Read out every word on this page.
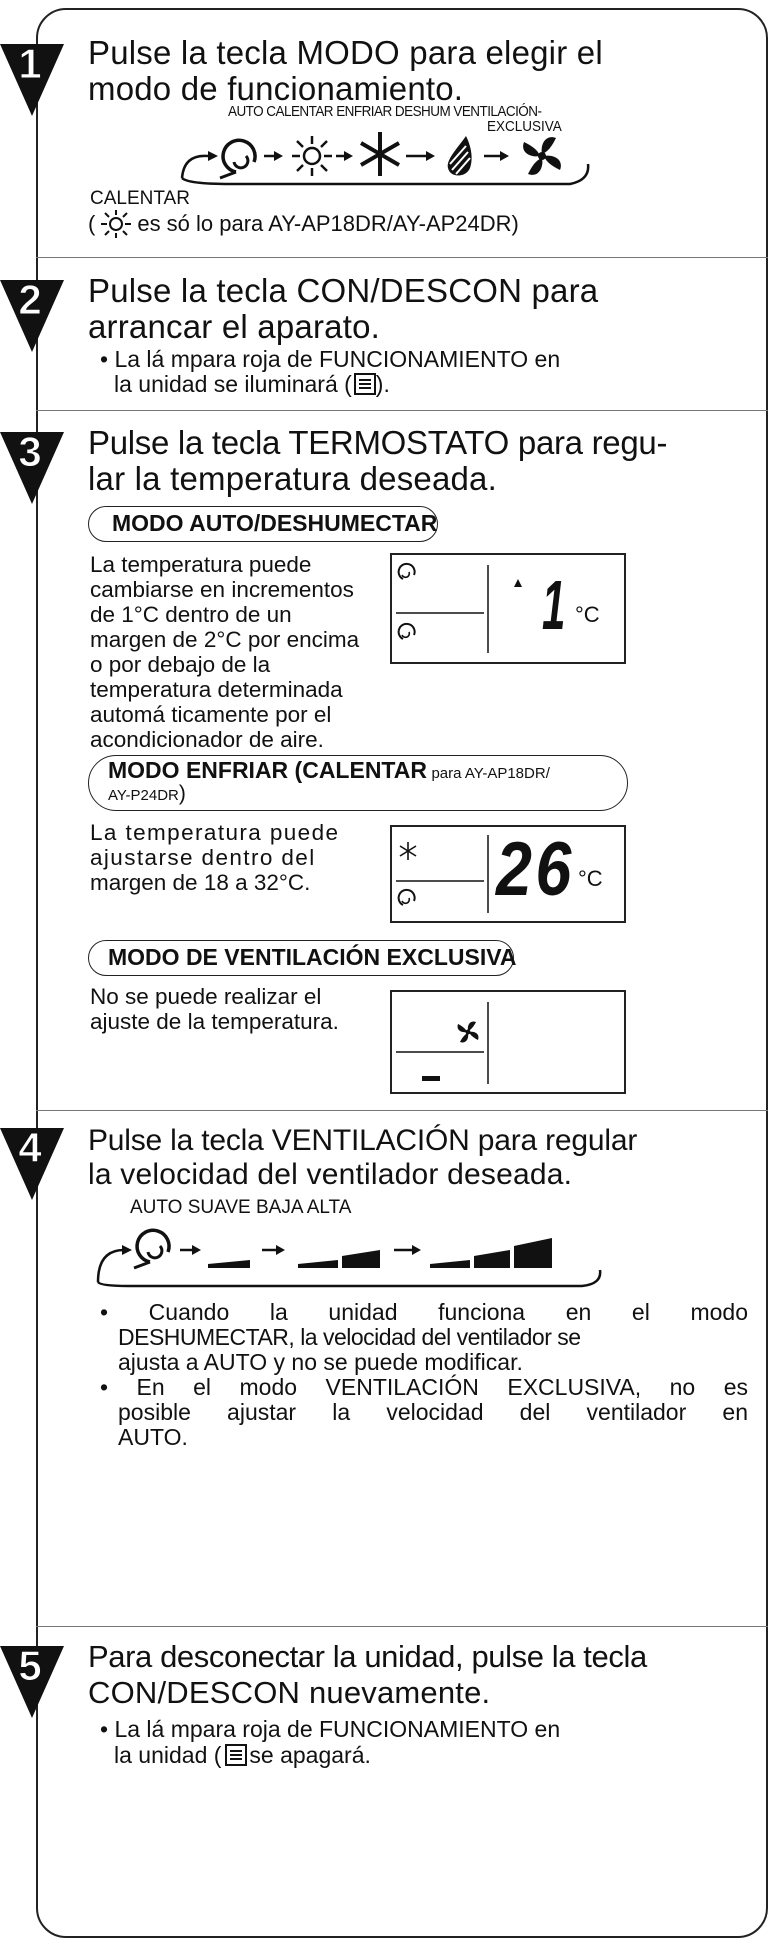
1 Pulse la tecla MODO para elegir el
modo de funcionamiento.
AUTO CALENTAR ENFRIAR DESHUM VENTILACIÓN-
EXCLUSIVA
CALENTAR
( es só lo para AY-AP18DR/AY-AP24DR)
2 Pulse la tecla CON/DESCON para
arrancar el aparato.
• La lá mpara roja de FUNCIONAMIENTO en
la unidad se iluminará ( ).
3 Pulse la tecla TERMOSTATO para regu-
lar la temperatura deseada.
MODO AUTO/DESHUMECTAR
La temperatura puede
cambiarse en incrementos
de 1°C dentro de un
margen de 2°C por encima
o por debajo de la
temperatura determinada
automá ticamente por el
acondicionador de aire.
1 °C
MODO ENFRIAR (CALENTAR para AY-AP18DR/
AY-P24DR)
La temperatura puede
ajustarse dentro del
margen de 18 a 32°C.	26 °C
MODO DE VENTILACIÓN EXCLUSIVA
No se puede realizar el
ajuste de la temperatura.
4 Pulse la tecla VENTILACIÓN para regular
la velocidad del ventilador deseada.
AUTO SUAVE BAJA ALTA
• Cuando la unidad funciona en el modo
DESHUMECTAR, la velocidad del ventilador se
ajusta a AUTO y no se puede modificar.
• En el modo VENTILACIÓN EXCLUSIVA, no es
posible ajustar la velocidad del ventilador en
AUTO.
5 Para desconectar la unidad, pulse la tecla
CON/DESCON nuevamente.
• La lá mpara roja de FUNCIONAMIENTO en
la unidad ( se apagará.
